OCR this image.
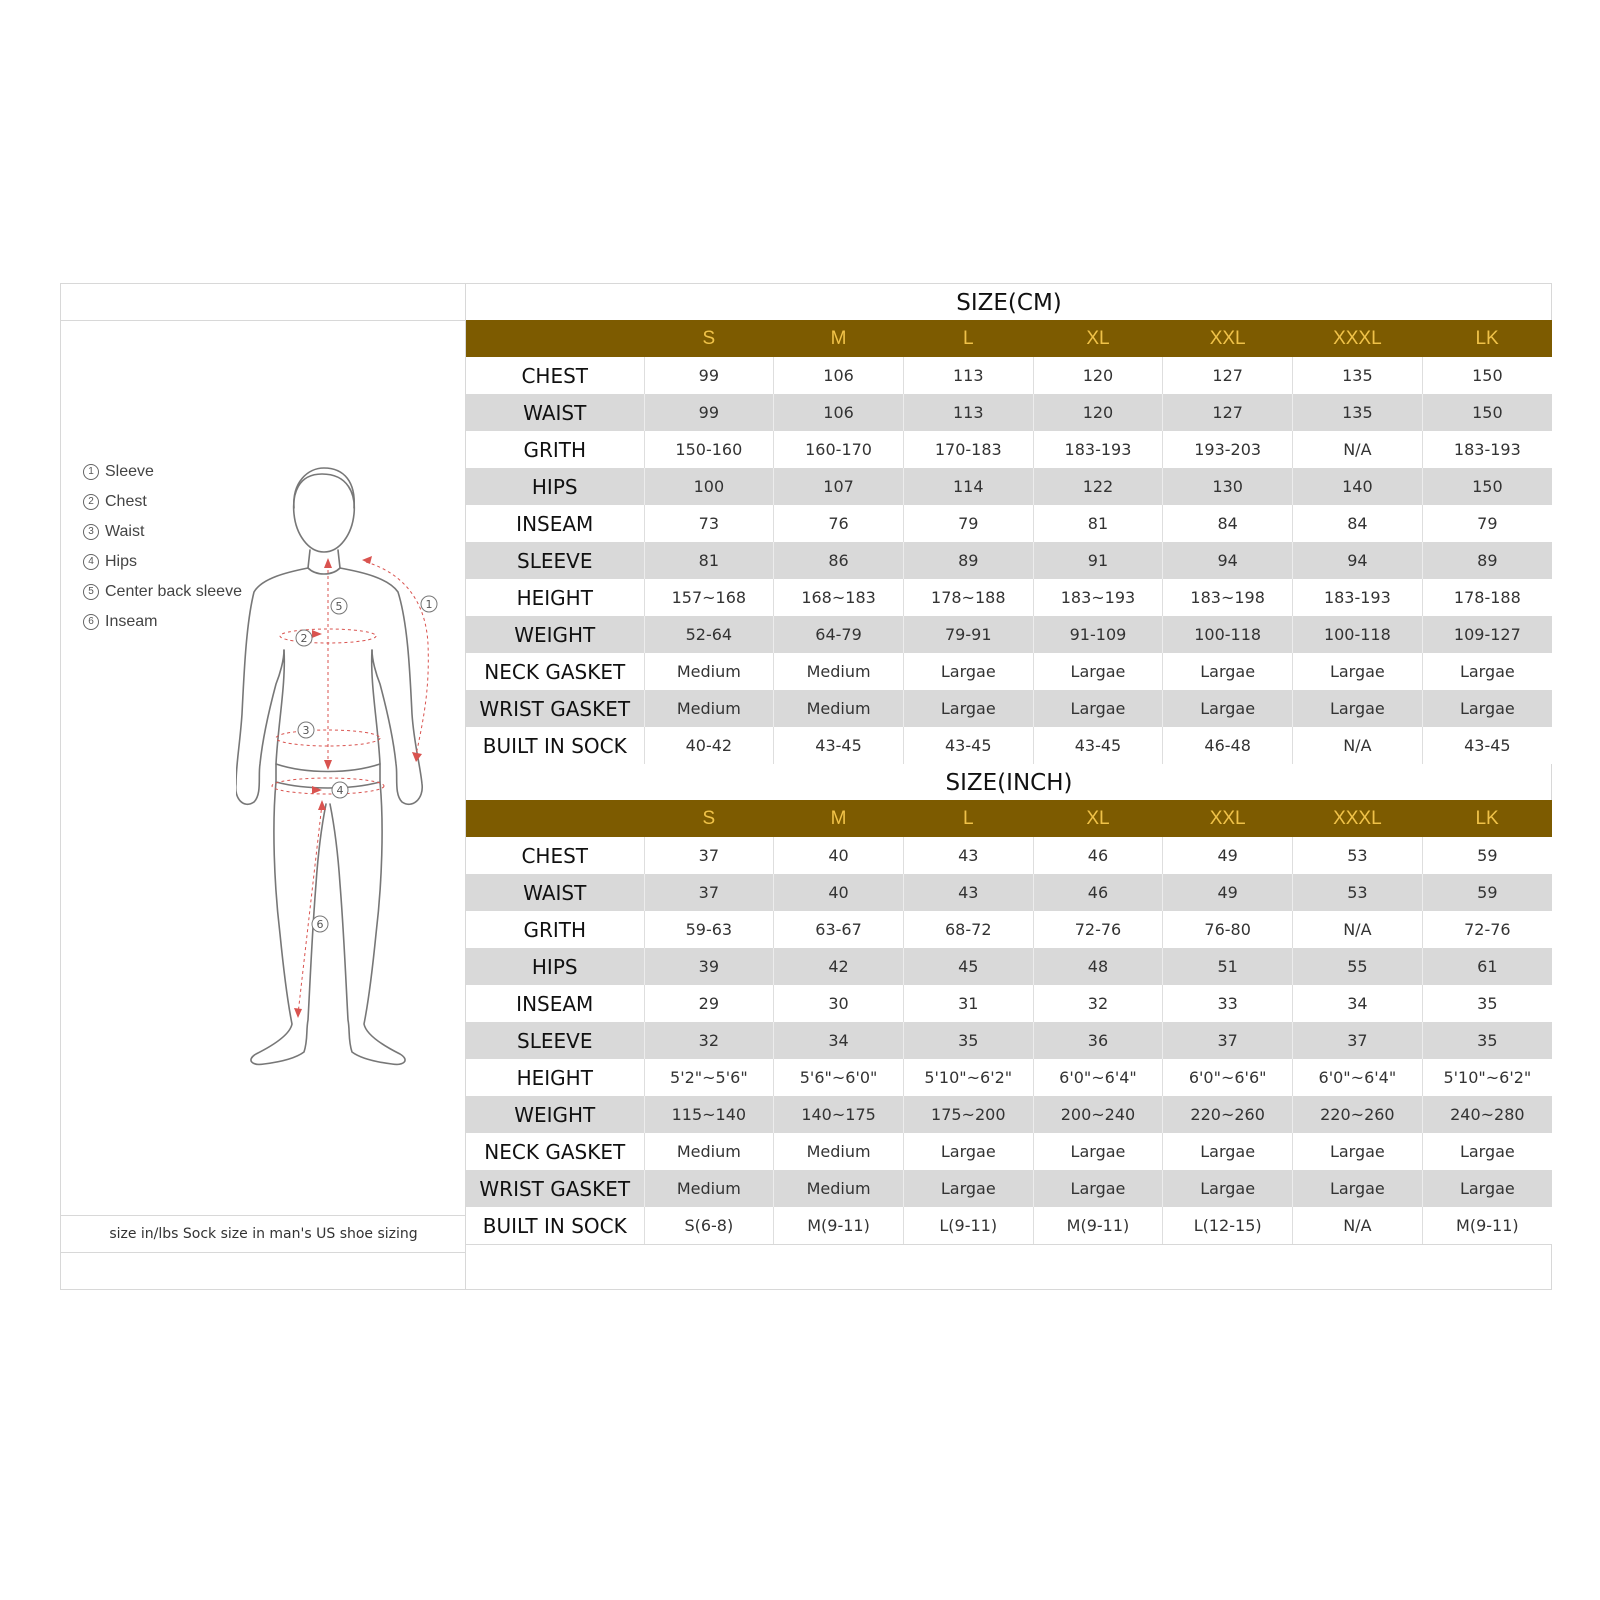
1 Sleeve
2 Chest
3 Waist
4 Hips
5 Center back sleeve
6 Inseam
1
2
3
4
5
6
size in/lbs Sock size in man's US shoe sizing
SIZE(CM)
	S	M	L	XL	XXL	XXXL	LK
CHEST	99	106	113	120	127	135	150
WAIST	99	106	113	120	127	135	150
GRITH	150-160	160-170	170-183	183-193	193-203	N/A	183-193
HIPS	100	107	114	122	130	140	150
INSEAM	73	76	79	81	84	84	79
SLEEVE	81	86	89	91	94	94	89
HEIGHT	157~168	168~183	178~188	183~193	183~198	183-193	178-188
WEIGHT	52-64	64-79	79-91	91-109	100-118	100-118	109-127
NECK GASKET	Medium	Medium	Largae	Largae	Largae	Largae	Largae
WRIST GASKET	Medium	Medium	Largae	Largae	Largae	Largae	Largae
BUILT IN SOCK	40-42	43-45	43-45	43-45	46-48	N/A	43-45
SIZE(INCH)
	S	M	L	XL	XXL	XXXL	LK
CHEST	37	40	43	46	49	53	59
WAIST	37	40	43	46	49	53	59
GRITH	59-63	63-67	68-72	72-76	76-80	N/A	72-76
HIPS	39	42	45	48	51	55	61
INSEAM	29	30	31	32	33	34	35
SLEEVE	32	34	35	36	37	37	35
HEIGHT	5'2"~5'6"	5'6"~6'0"	5'10"~6'2"	6'0"~6'4"	6'0"~6'6"	6'0"~6'4"	5'10"~6'2"
WEIGHT	115~140	140~175	175~200	200~240	220~260	220~260	240~280
NECK GASKET	Medium	Medium	Largae	Largae	Largae	Largae	Largae
WRIST GASKET	Medium	Medium	Largae	Largae	Largae	Largae	Largae
BUILT IN SOCK	S(6-8)	M(9-11)	L(9-11)	M(9-11)	L(12-15)	N/A	M(9-11)
